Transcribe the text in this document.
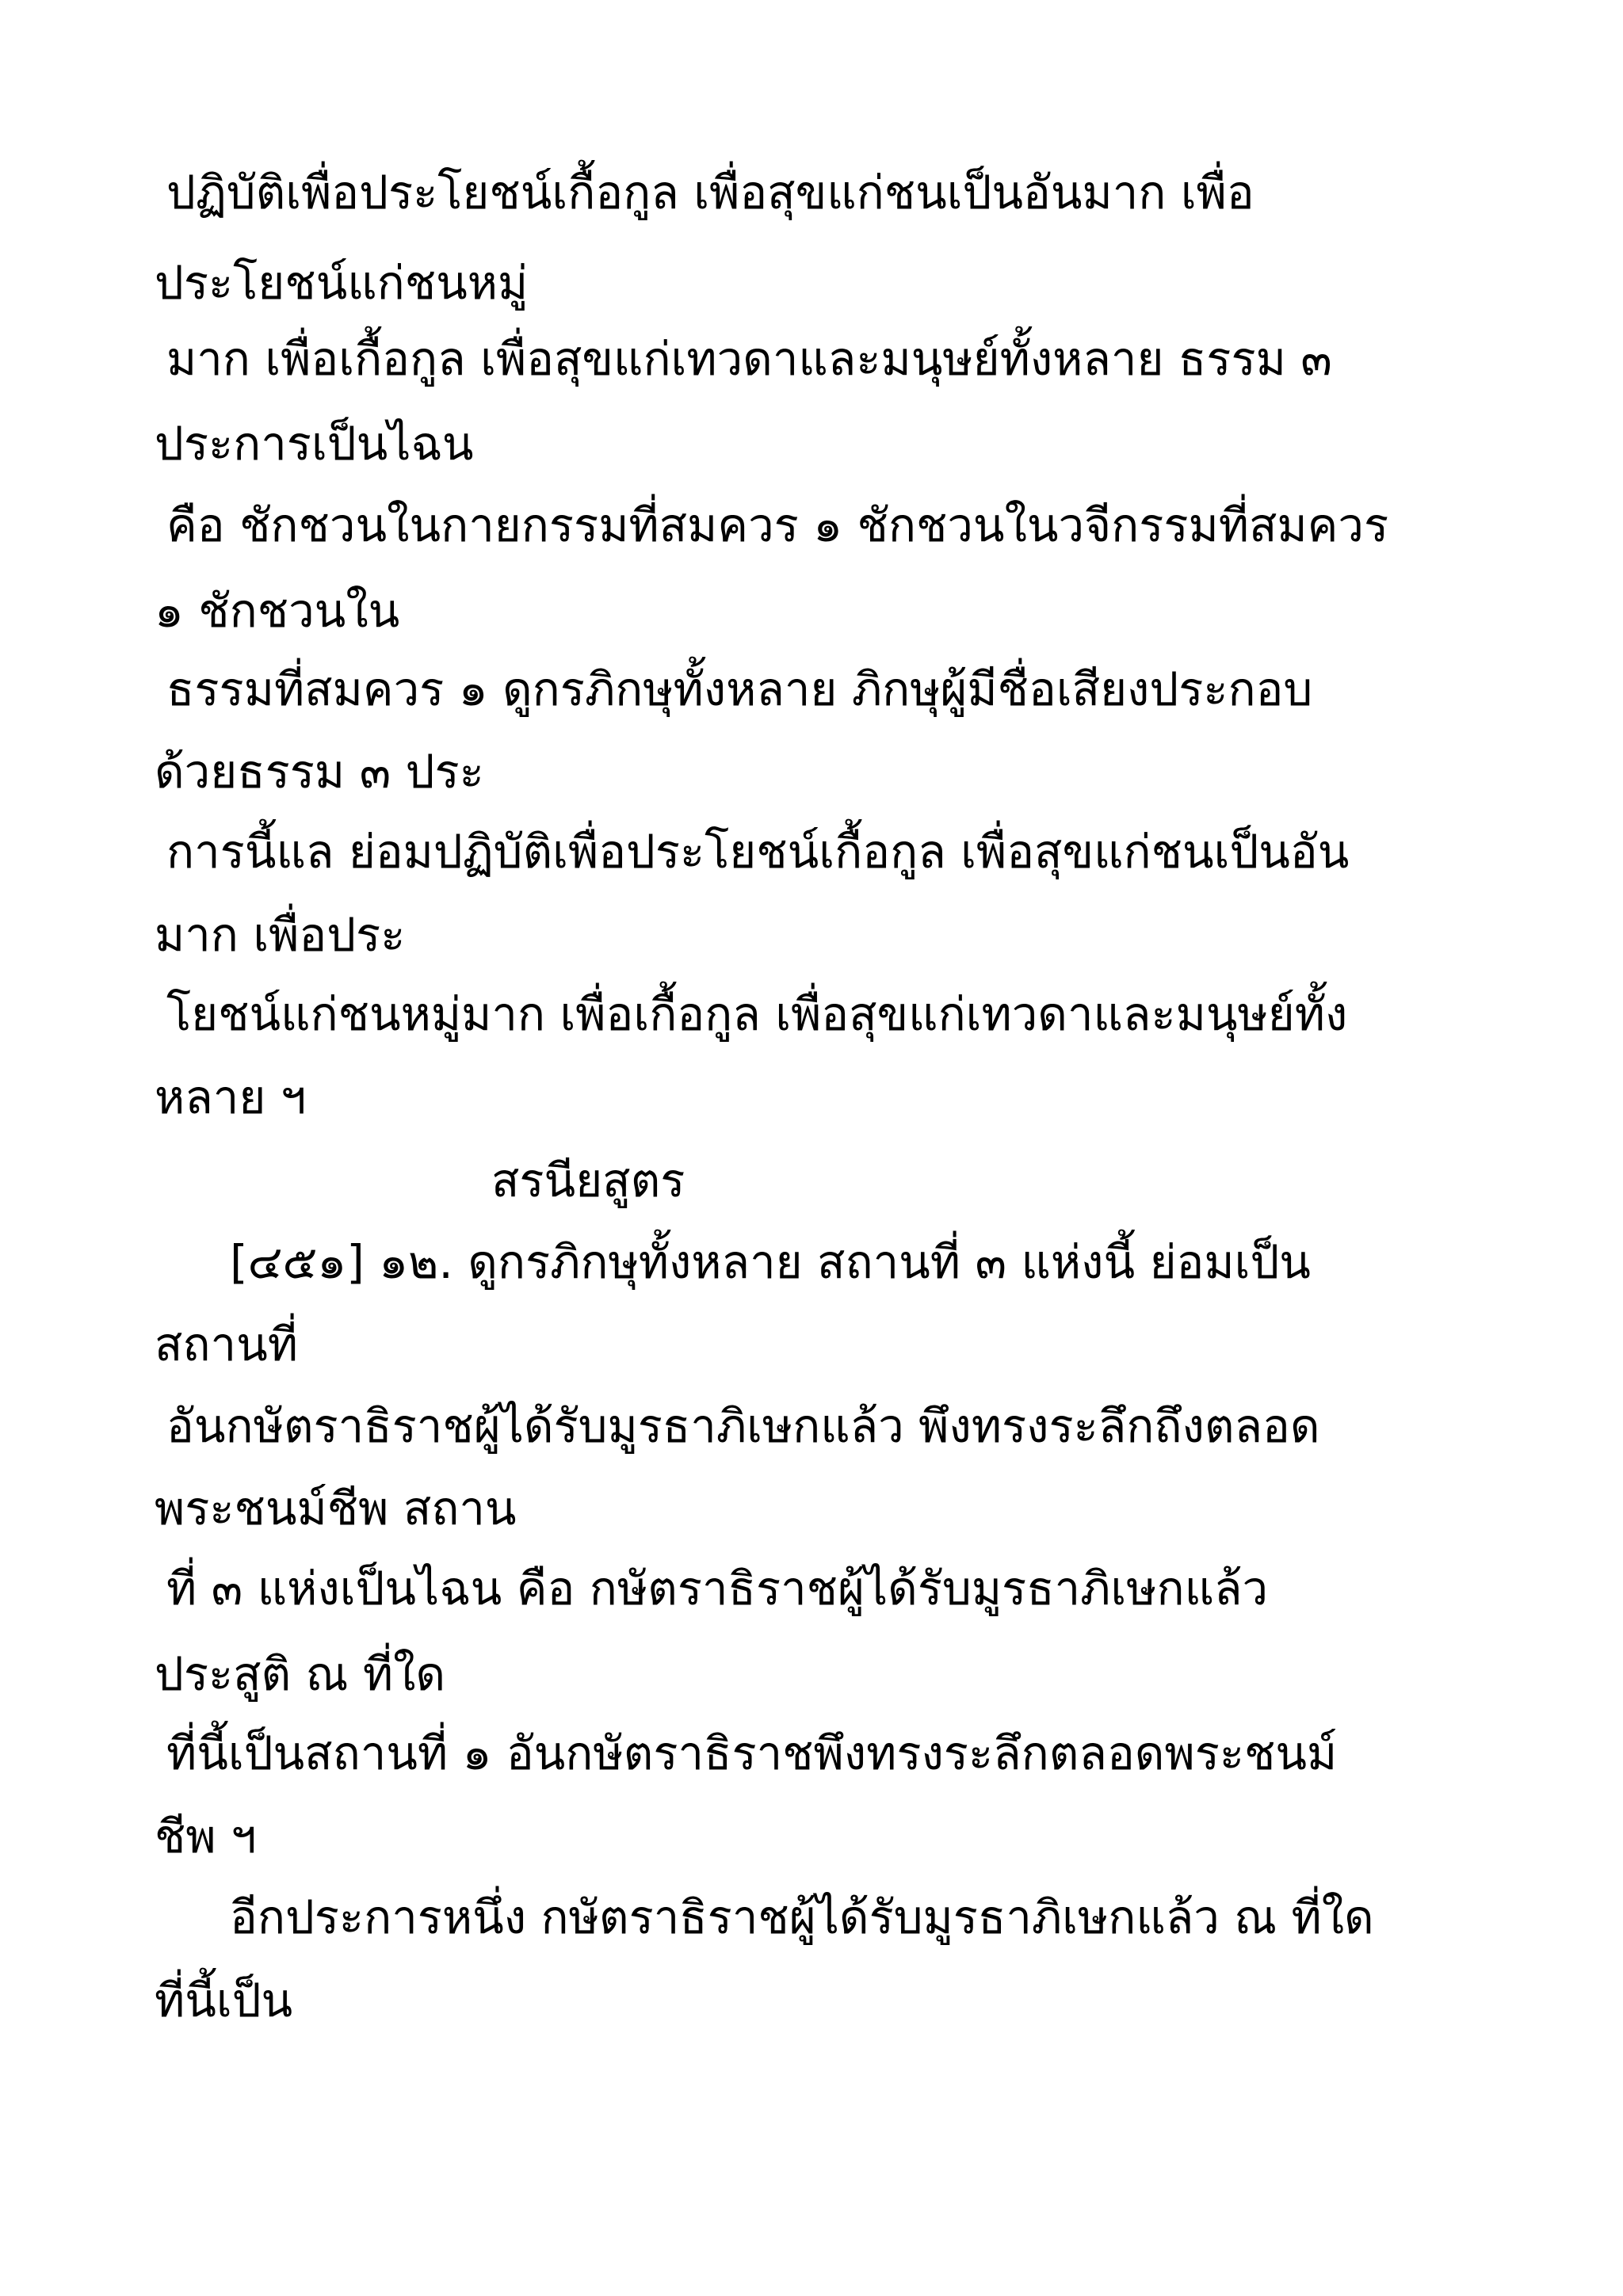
ปฏิบัติเพื่อประโยชน์เกื้อกูล เพื่อสุขแก่ชนเป็นอันมาก เพื่อ
ประโยชน์แก่ชนหมู่
มาก เพื่อเกื้อกูล เพื่อสุขแก่เทวดาและมนุษย์ทั้งหลาย ธรรม ๓
ประการเป็นไฉน
คือ ชักชวนในกายกรรมที่สมควร ๑ ชักชวนในวจีกรรมที่สมควร
๑ ชักชวนใน
ธรรมที่สมควร ๑ ดูกรภิกษุทั้งหลาย ภิกษุผู้มีชื่อเสียงประกอบ
ด้วยธรรม ๓ ประ
การนี้แล ย่อมปฏิบัติเพื่อประโยชน์เกื้อกูล เพื่อสุขแก่ชนเป็นอัน
มาก เพื่อประ
โยชน์แก่ชนหมู่มาก เพื่อเกื้อกูล เพื่อสุขแก่เทวดาและมนุษย์ทั้ง
หลาย ฯ
สรนียสูตร
[๔๕๑] ๑๒. ดูกรภิกษุทั้งหลาย สถานที่ ๓ แห่งนี้ ย่อมเป็น
สถานที่
อันกษัตราธิราชผู้ได้รับมูรธาภิเษกแล้ว พึงทรงระลึกถึงตลอด
พระชนม์ชีพ สถาน
ที่ ๓ แห่งเป็นไฉน คือ กษัตราธิราชผู้ได้รับมูรธาภิเษกแล้ว
ประสูติ ณ ที่ใด
ที่นี้เป็นสถานที่ ๑ อันกษัตราธิราชพึงทรงระลึกตลอดพระชนม์
ชีพ ฯ
อีกประการหนึ่ง กษัตราธิราชผู้ได้รับมูรธาภิเษกแล้ว ณ ที่ใด
ที่นี้เป็น
